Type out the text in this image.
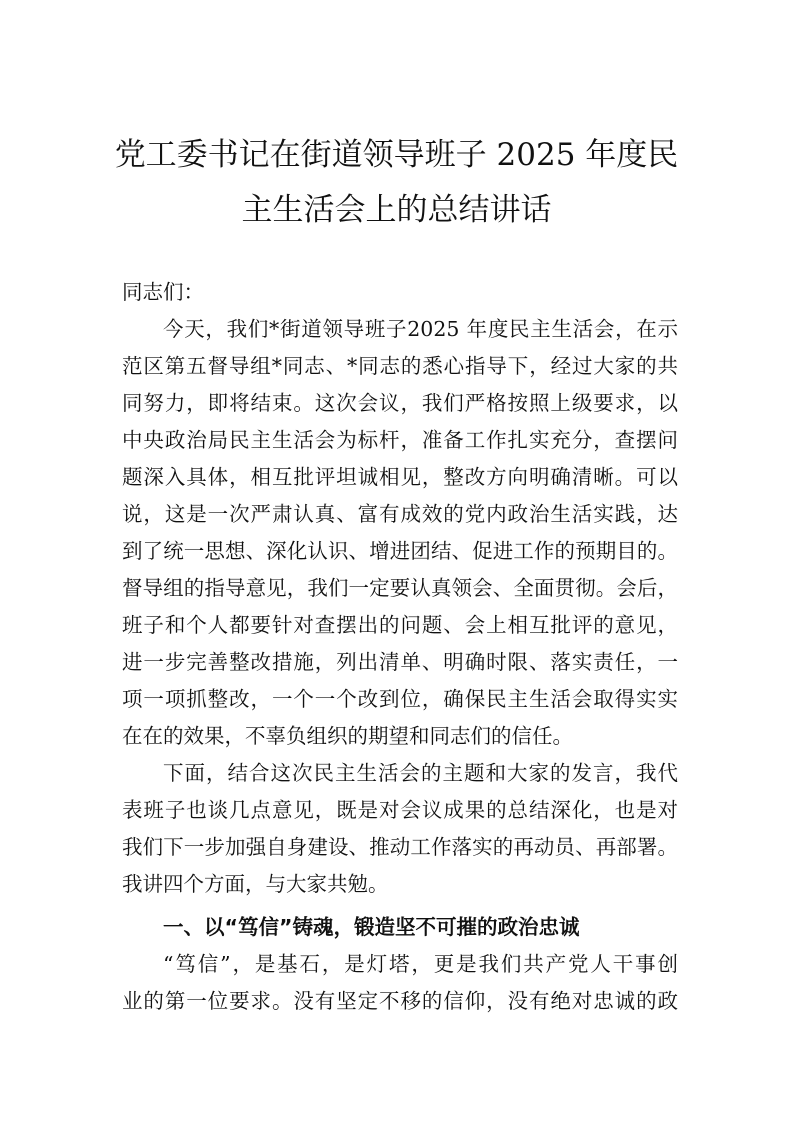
党工委书记在街道领导班子 2025 年度民
主生活会上的总结讲话
同志们：
今天，我们*街道领导班子2025 年度民主生活会，在示
范区第五督导组*同志、*同志的悉心指导下，经过大家的共
同努力，即将结束。这次会议，我们严格按照上级要求，以
中央政治局民主生活会为标杆，准备工作扎实充分，查摆问
题深入具体，相互批评坦诚相见，整改方向明确清晰。可以
说，这是一次严肃认真、富有成效的党内政治生活实践，达
到了统一思想、深化认识、增进团结、促进工作的预期目的。
督导组的指导意见，我们一定要认真领会、全面贯彻。会后，
班子和个人都要针对查摆出的问题、会上相互批评的意见，
进一步完善整改措施，列出清单、明确时限、落实责任，一
项一项抓整改，一个一个改到位，确保民主生活会取得实实
在在的效果，不辜负组织的期望和同志们的信任。
下面，结合这次民主生活会的主题和大家的发言，我代
表班子也谈几点意见，既是对会议成果的总结深化，也是对
我们下一步加强自身建设、推动工作落实的再动员、再部署。
我讲四个方面，与大家共勉。
一、以“笃信”铸魂，锻造坚不可摧的政治忠诚
“笃信”，是基石，是灯塔，更是我们共产党人干事创
业的第一位要求。没有坚定不移的信仰，没有绝对忠诚的政
